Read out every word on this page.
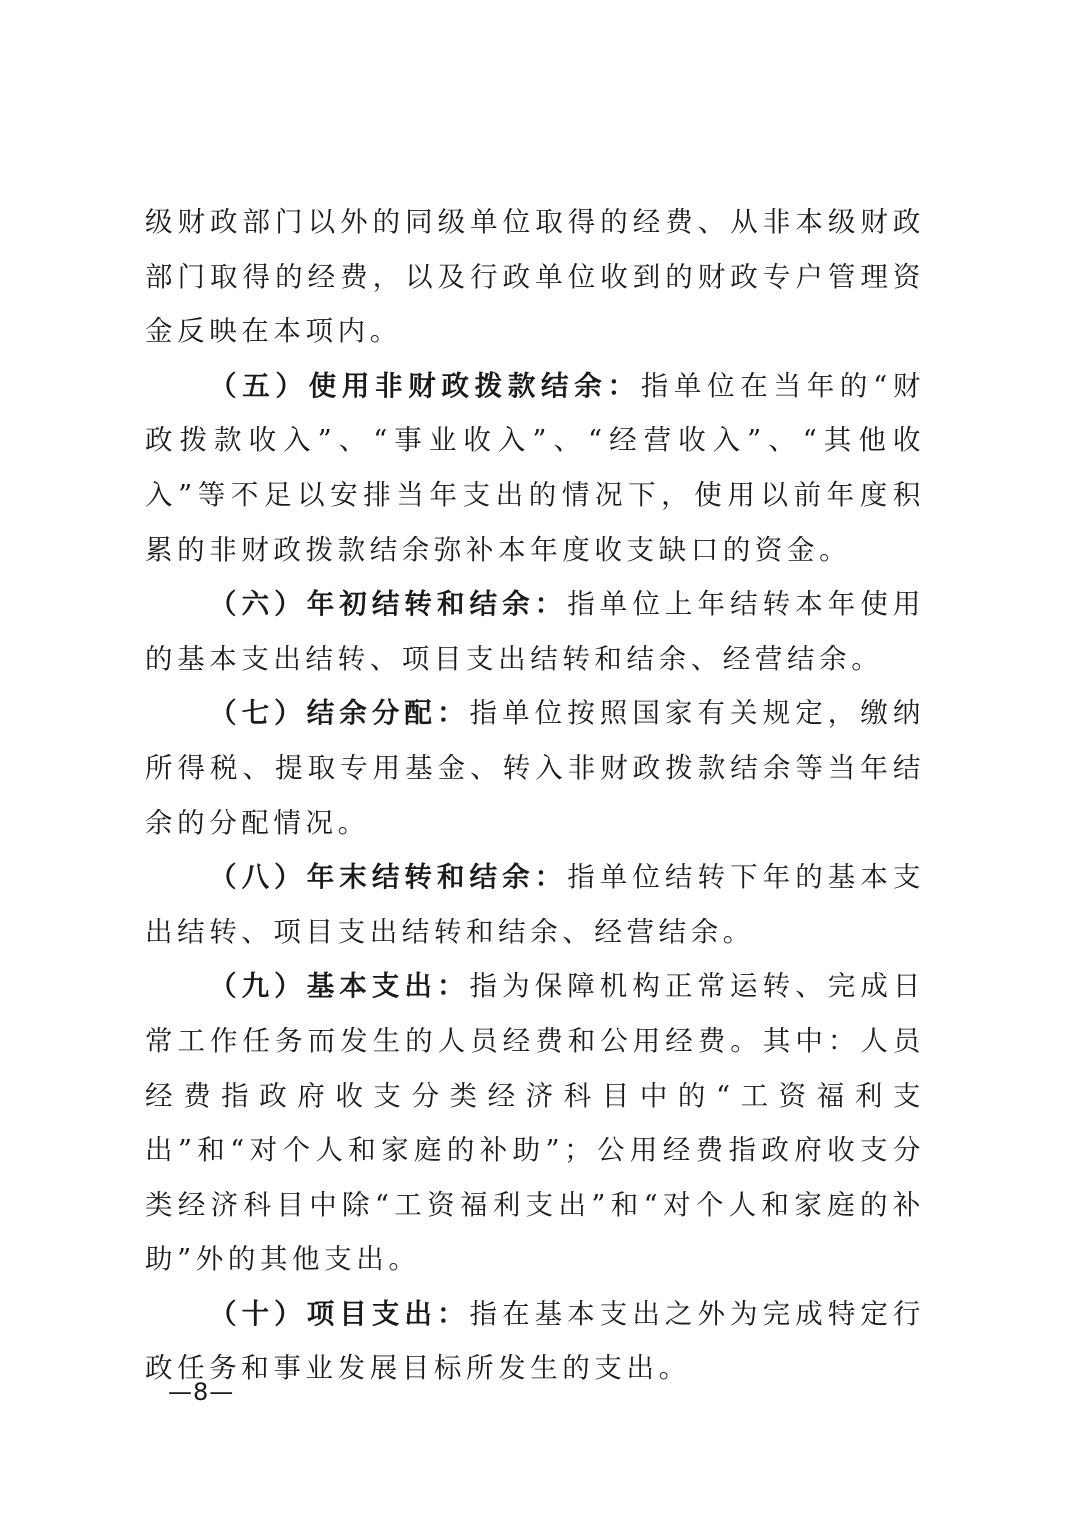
级财政部门以外的同级单位取得的经费、从非本级财政部门取得的经费，以及行政单位收到的财政专户管理资金反映在本项内。

（五）使用非财政拨款结余：指单位在当年的“财政拨款收入”、“事业收入”、“经营收入”、“其他收入”等不足以安排当年支出的情况下，使用以前年度积累的非财政拨款结余弥补本年度收支缺口的资金。

（六）年初结转和结余：指单位上年结转本年使用的基本支出结转、项目支出结转和结余、经营结余。

（七）结余分配：指单位按照国家有关规定，缴纳所得税、提取专用基金、转入非财政拨款结余等当年结余的分配情况。

（八）年末结转和结余：指单位结转下年的基本支出结转、项目支出结转和结余、经营结余。

（九）基本支出：指为保障机构正常运转、完成日常工作任务而发生的人员经费和公用经费。其中：人员经费指政府收支分类经济科目中的“工资福利支出”和“对个人和家庭的补助”；公用经费指政府收支分类经济科目中除“工资福利支出”和“对个人和家庭的补助”外的其他支出。

（十）项目支出：指在基本支出之外为完成特定行政任务和事业发展目标所发生的支出。

—8—
